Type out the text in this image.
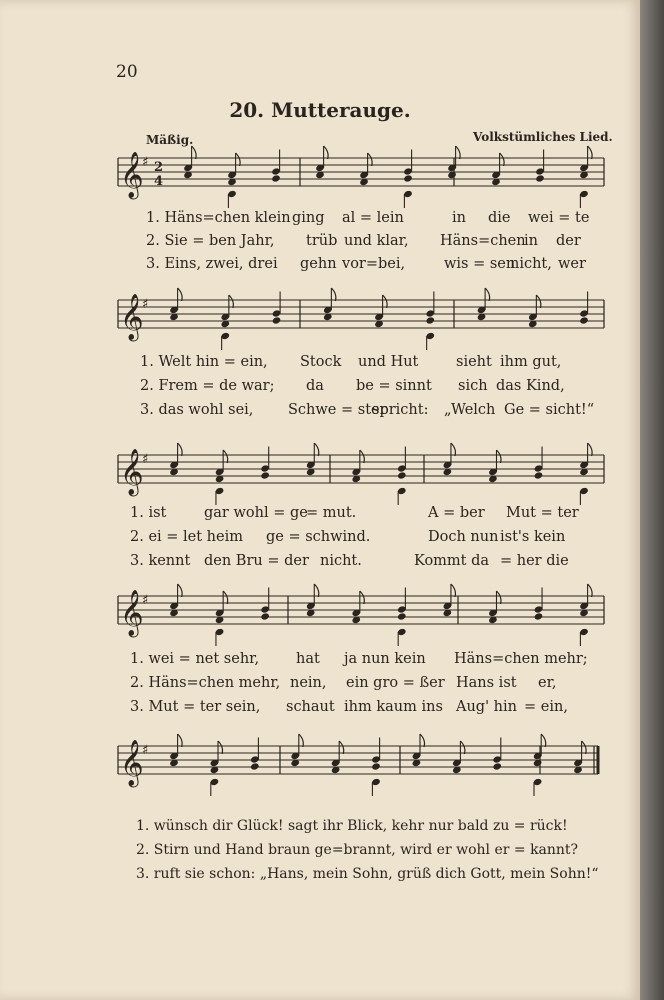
20
20. Mutterauge.
Mäßig.	Volkstümliches Lied.
𝄞
♯ 2
4
𝄞
♯
𝄞
♯
𝄞
♯
𝄞
♯
1. Häns=chen klein ging al = lein	in die wei = te
2. Sie = ben Jahr, trüb und klar, Häns=chen
in der
3. Eins, zwei, drei gehn vor=bei,	wis = sen
nicht, wer
1. Welt hin = ein, Stock und Hut	sieht ihm gut,
2. Frem = de war; da be = sinnt sich das Kind,
3. das wohl sei, Schwe = ster
spricht: „Welch Ge = sicht!“
1. ist	gar wohl = ge
= mut.	A = ber Mut = ter
2. ei = let heim ge = schwind.	Doch nun ist's kein
3. kennt den Bru = der nicht.	Kommt da = her die
1. wei = net sehr,	hat ja nun kein Häns=chen mehr;
2. Häns=chen mehr, nein, ein gro = ßer Hans ist er,
3. Mut = ter sein, schaut ihm kaum ins Aug' hin = ein,
1. wünsch dir Glück! sagt ihr Blick, kehr nur bald zu = rück!
2. Stirn und Hand braun ge=brannt, wird er wohl er = kannt?
3. ruft sie schon: „Hans, mein Sohn, grüß dich Gott, mein Sohn!“
